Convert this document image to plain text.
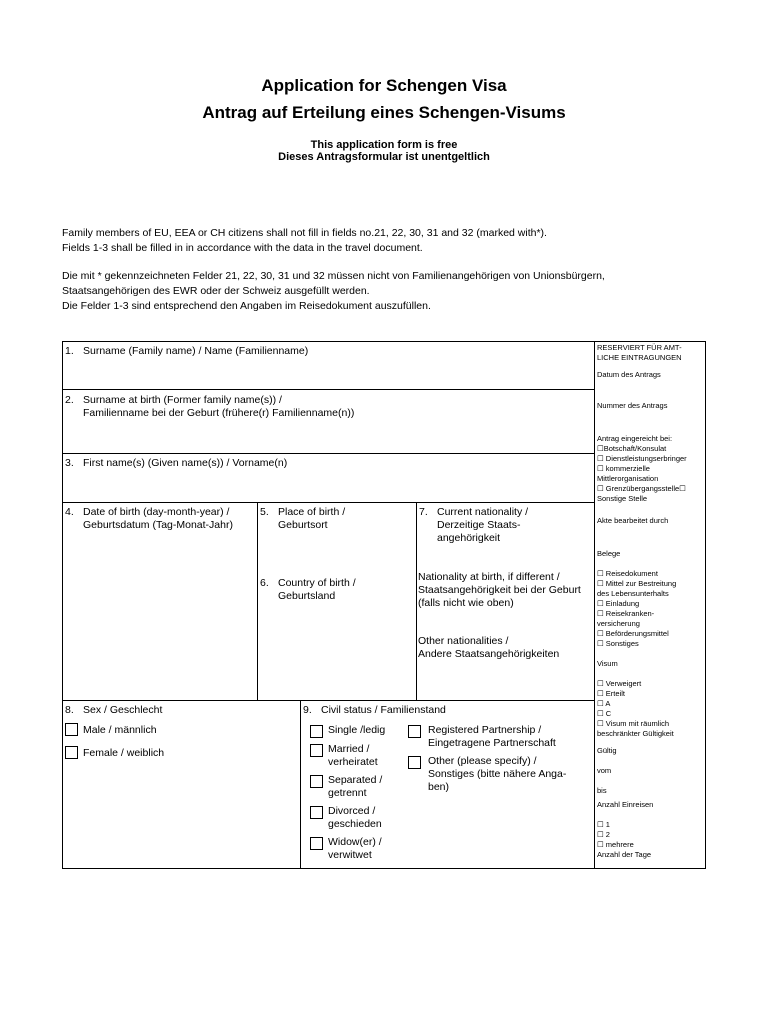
Application for Schengen Visa
Antrag auf Erteilung eines Schengen-Visums
This application form is free
Dieses Antragsformular ist unentgeltlich
Family members of EU, EEA or CH citizens shall not fill in fields no.21, 22, 30, 31 and 32 (marked with*).
Fields 1-3 shall be filled in in accordance with the data in the travel document.
Die mit * gekennzeichneten Felder 21, 22, 30, 31 und 32 müssen nicht von Familienangehörigen von Unionsbürgern,
Staatsangehörigen des EWR oder der Schweiz ausgefüllt werden.
Die Felder 1-3 sind entsprechend den Angaben im Reisedokument auszufüllen.
1. Surname (Family name) / Name (Familienname)
2. Surname at birth (Former family name(s)) /
Familienname bei der Geburt (frühere(r) Familienname(n))
3. First name(s) (Given name(s)) / Vorname(n)
4. Date of birth (day-month-year) /
Geburtsdatum (Tag-Monat-Jahr)
5. Place of birth /
Geburtsort
6. Country of birth /
Geburtsland
7. Current nationality /
Derzeitige Staats-
angehörigkeit
Nationality at birth, if different /
Staatsangehörigkeit bei der Geburt
(falls nicht wie oben)
Other nationalities /
Andere Staatsangehörigkeiten
8. Sex / Geschlecht
Male / männlich
Female / weiblich
9. Civil status / Familienstand
Single /ledig
Married /
verheiratet
Separated /
getrennt
Divorced /
geschieden
Widow(er) /
verwitwet
Registered Partnership /
Eingetragene Partnerschaft
Other (please specify) /
Sonstiges (bitte nähere Anga-
ben)
RESERVIERT FÜR AMT-
LICHE EINTRAGUNGEN
Datum des Antrags
Nummer des Antrags
Antrag eingereicht bei:
☐Botschaft/Konsulat
☐ Dienstleistungserbringer
☐ kommerzielle
Mittlerorganisation
☐ Grenzübergangsstelle☐
Sonstige Stelle
Akte bearbeitet durch
Belege

☐ Reisedokument
☐ Mittel zur Bestreitung
des Lebensunterhalts
☐ Einladung
☐ Reisekranken-
versicherung
☐ Beförderungsmittel
☐ Sonstiges
Visum

☐ Verweigert
☐ Erteilt
☐ A
☐ C
☐ Visum mit räumlich
beschränkter Gültigkeit
Gültig

vom

bis
Anzahl Einreisen

☐ 1
☐ 2
☐ mehrere
Anzahl der Tage
